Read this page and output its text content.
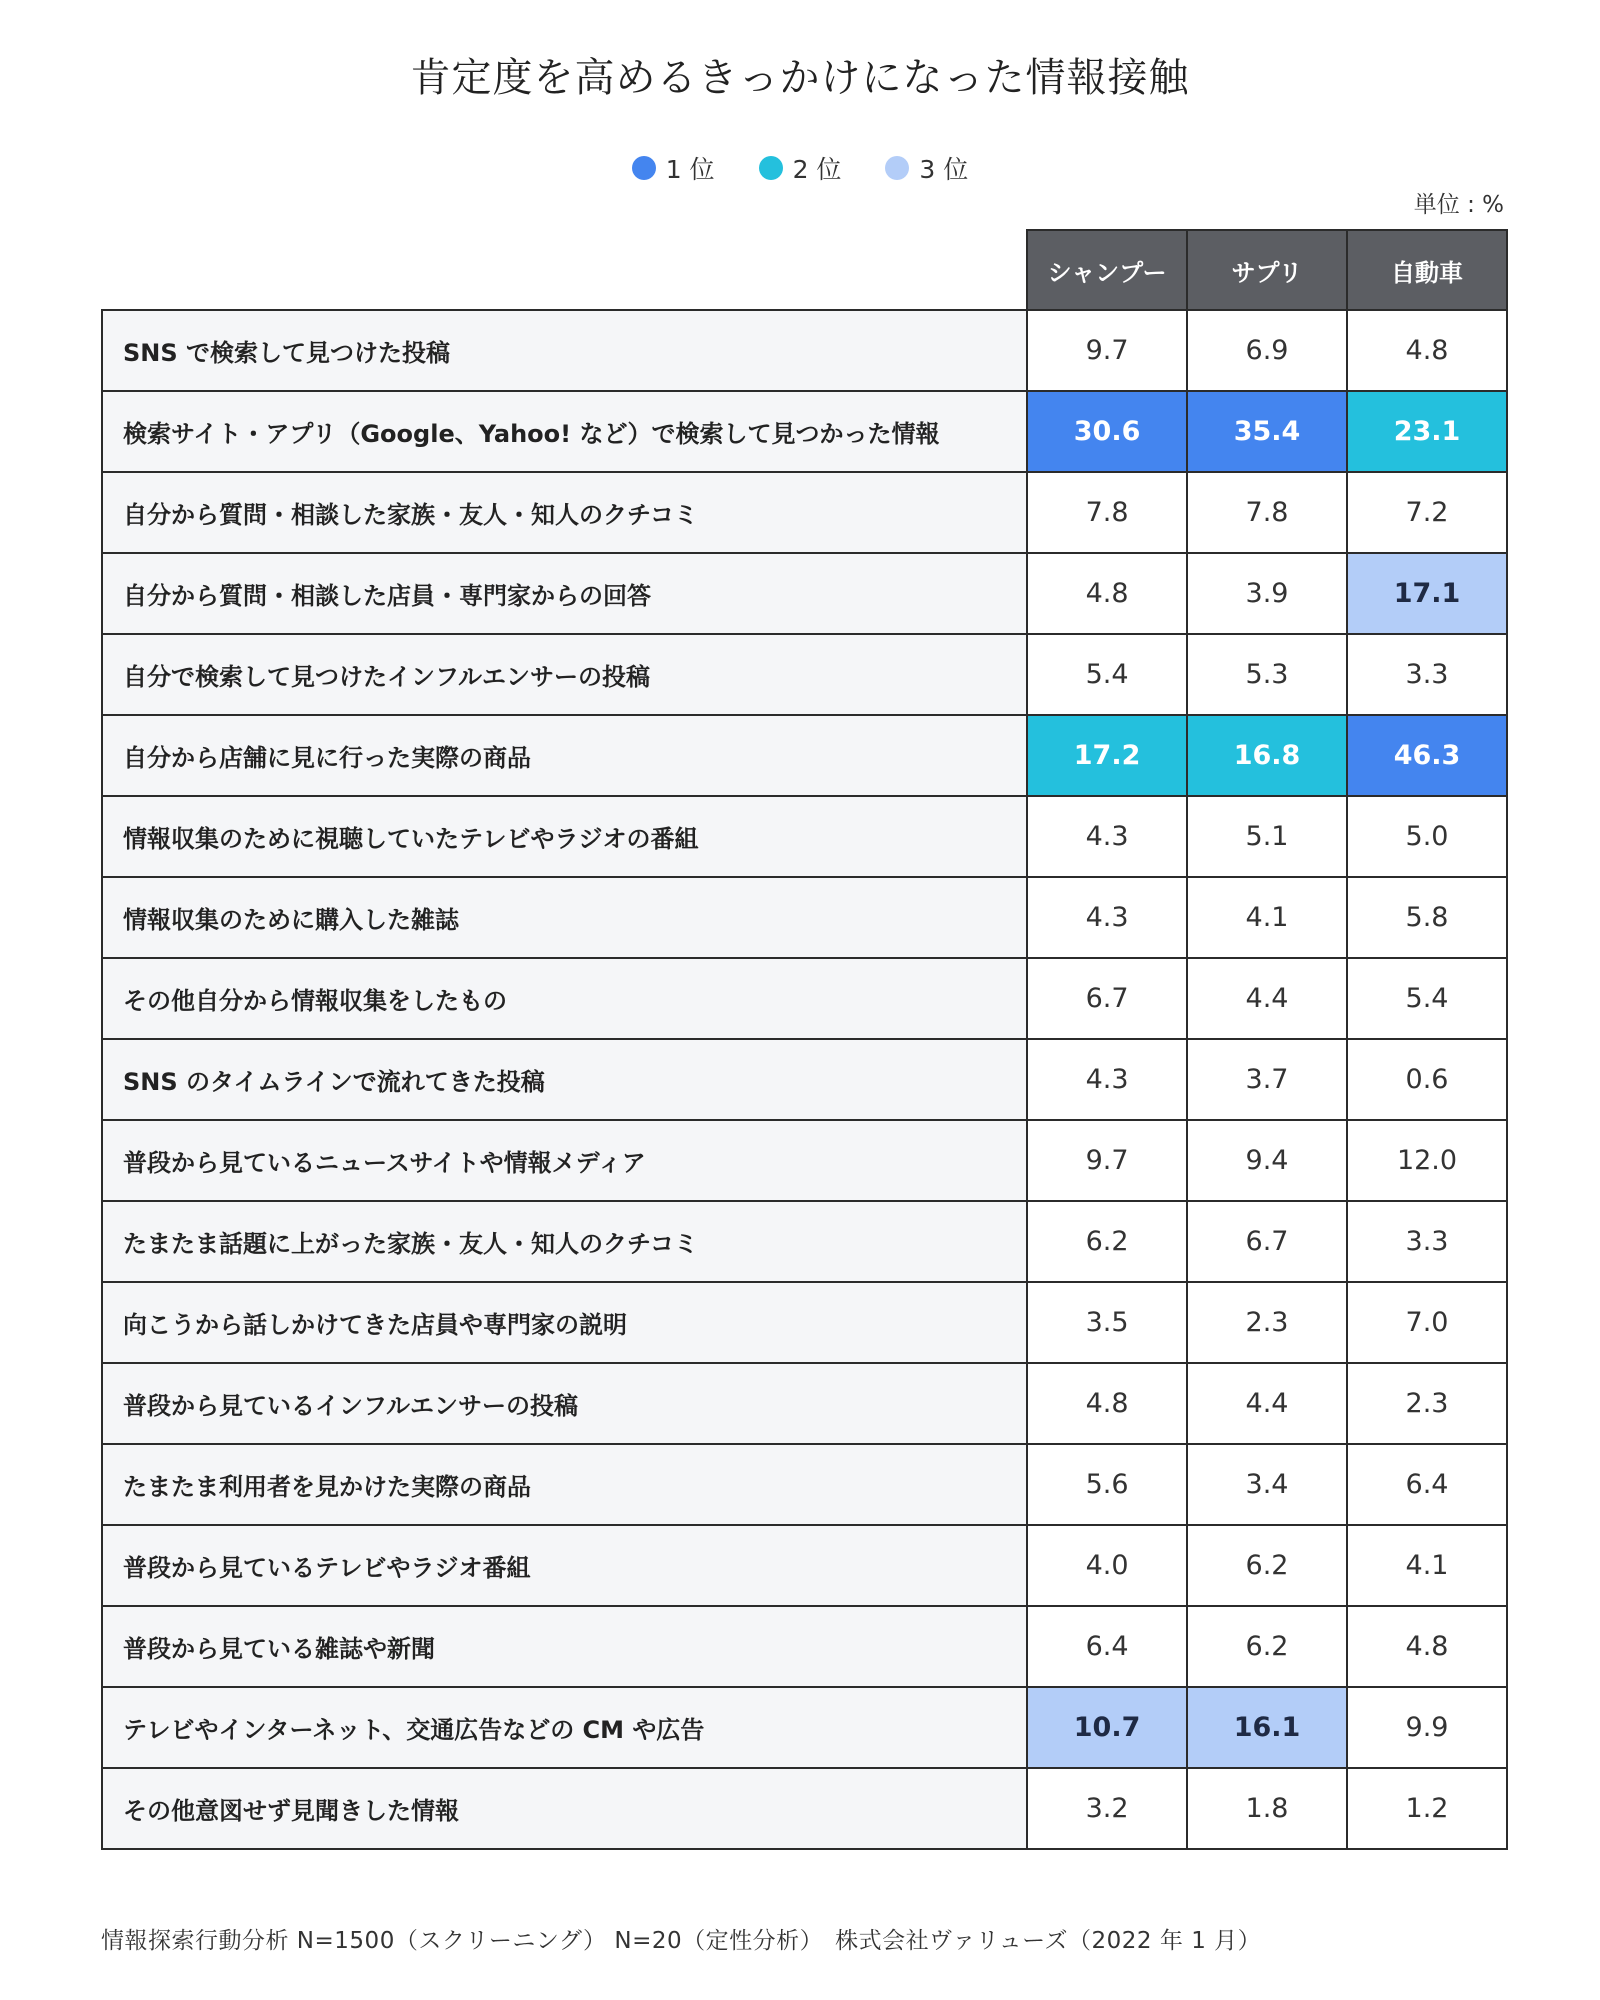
肯定度を高めるきっかけになった情報接触
1 位	2 位	3 位
単位 : %
	シャンプー	サプリ	自動車
SNS で検索して見つけた投稿	9.7	6.9	4.8
検索サイト・アプリ（Google、Yahoo! など）で検索して見つかった情報	30.6	35.4	23.1
自分から質問・相談した家族・友人・知人のクチコミ	7.8	7.8	7.2
自分から質問・相談した店員・専門家からの回答	4.8	3.9	17.1
自分で検索して見つけたインフルエンサーの投稿	5.4	5.3	3.3
自分から店舗に見に行った実際の商品	17.2	16.8	46.3
情報収集のために視聴していたテレビやラジオの番組	4.3	5.1	5.0
情報収集のために購入した雑誌	4.3	4.1	5.8
その他自分から情報収集をしたもの	6.7	4.4	5.4
SNS のタイムラインで流れてきた投稿	4.3	3.7	0.6
普段から見ているニュースサイトや情報メディア	9.7	9.4	12.0
たまたま話題に上がった家族・友人・知人のクチコミ	6.2	6.7	3.3
向こうから話しかけてきた店員や専門家の説明	3.5	2.3	7.0
普段から見ているインフルエンサーの投稿	4.8	4.4	2.3
たまたま利用者を見かけた実際の商品	5.6	3.4	6.4
普段から見ているテレビやラジオ番組	4.0	6.2	4.1
普段から見ている雑誌や新聞	6.4	6.2	4.8
テレビやインターネット、交通広告などの CM や広告	10.7	16.1	9.9
その他意図せず見聞きした情報	3.2	1.8	1.2
情報探索行動分析 N=1500（スクリーニング） N=20（定性分析）　株式会社ヴァリューズ（2022 年 1 月）
